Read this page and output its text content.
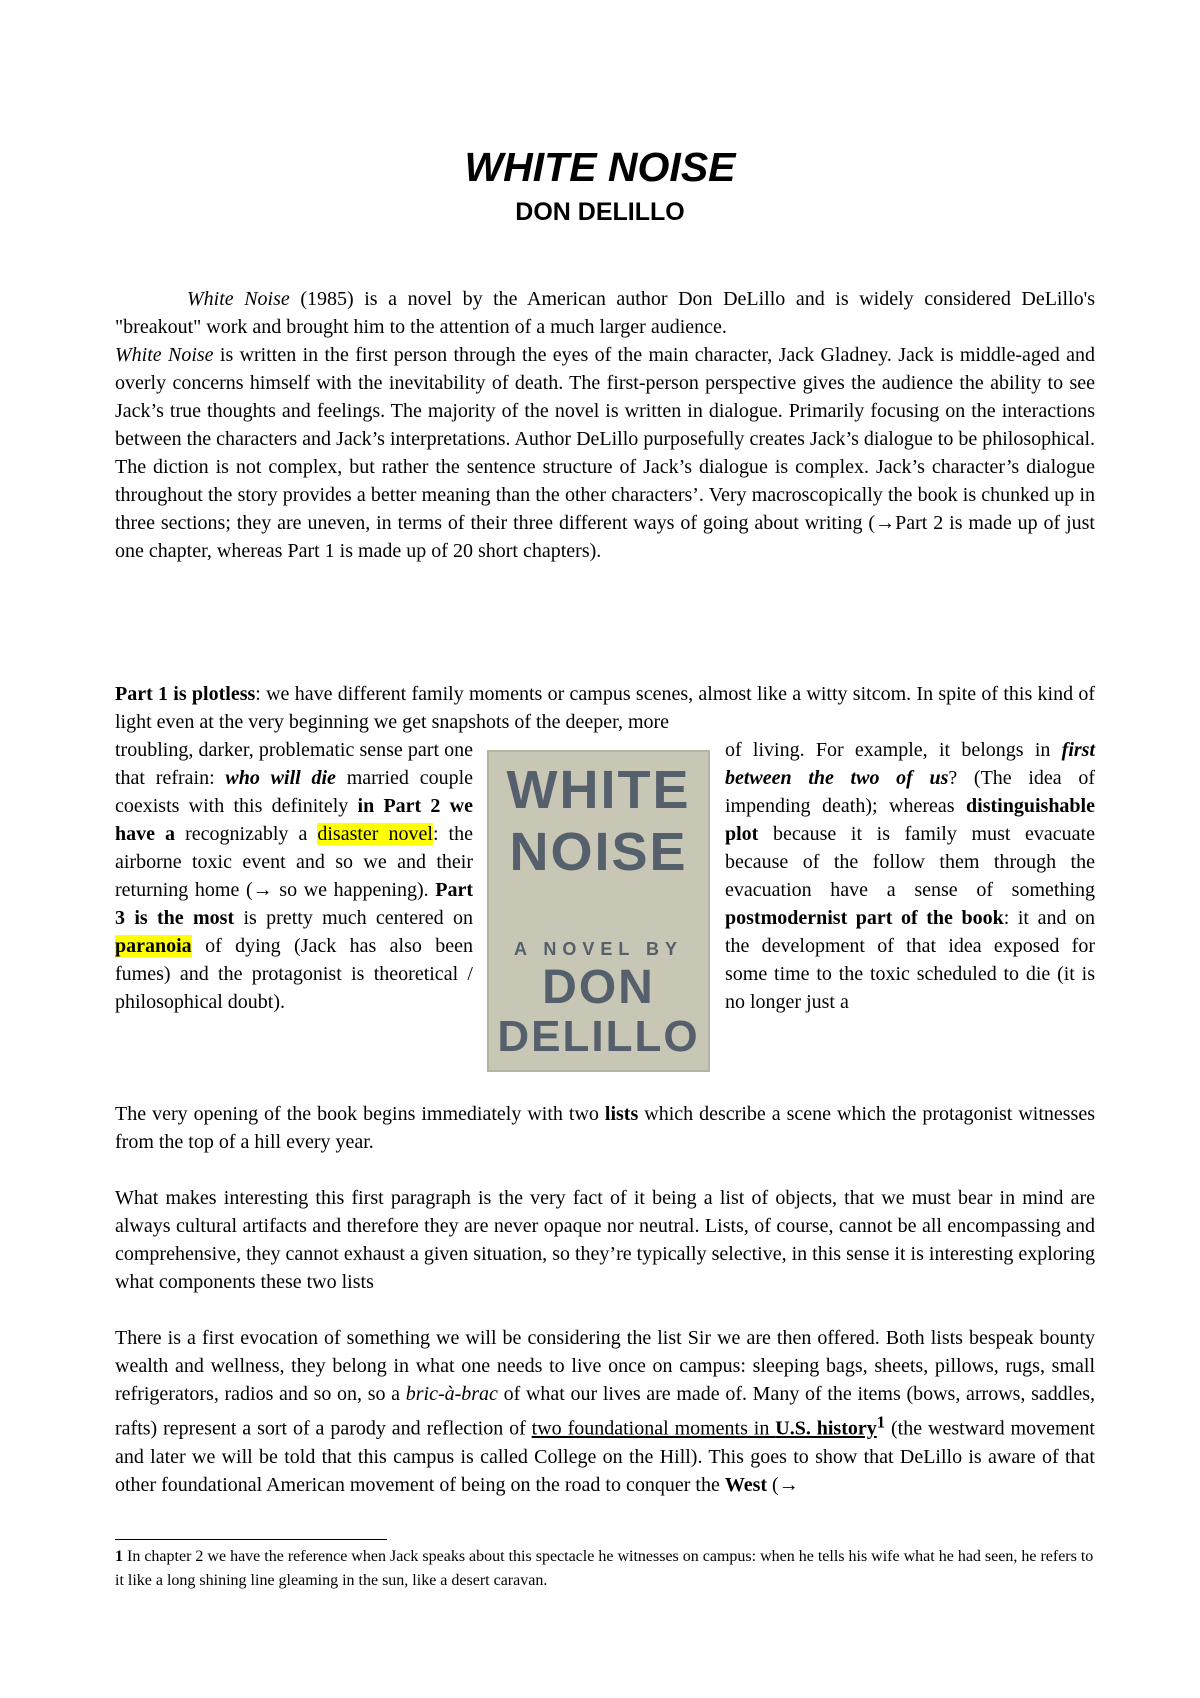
WHITE NOISE
DON DELILLO

White Noise (1985) is a novel by the American author Don DeLillo and is widely considered DeLillo's "breakout" work and brought him to the attention of a much larger audience.

White Noise is written in the first person through the eyes of the main character, Jack Gladney. Jack is middle-aged and overly concerns himself with the inevitability of death. The first-person perspective gives the audience the ability to see Jack’s true thoughts and feelings. The majority of the novel is written in dialogue. Primarily focusing on the interactions between the characters and Jack’s interpretations. Author DeLillo purposefully creates Jack’s dialogue to be philosophical. The diction is not complex, but rather the sentence structure of Jack’s dialogue is complex. Jack’s character’s dialogue throughout the story provides a better meaning than the other characters’. Very macroscopically the book is chunked up in three sections; they are uneven, in terms of their three different ways of going about writing (→Part 2 is made up of just one chapter, whereas Part 1 is made up of 20 short chapters).

Part 1 is plotless: we have different family moments or campus scenes, almost like a witty sitcom. In spite of this kind of light even at the very beginning we get snapshots of the deeper, more

troubling, darker, problematic sense part one that refrain: who will die married couple coexists with this definitely in Part 2 we have a recognizably a disaster novel: the airborne toxic event and so we and their returning home (→ so we happening). Part 3 is the most is pretty much centered on paranoia of dying (Jack has also been fumes) and the protagonist is theoretical / philosophical doubt).

WHITE
NOISE
A NOVEL BY
DON
DELILLO

of living. For example, it belongs in first between the two of us? (The idea of impending death); whereas distinguishable plot because it is family must evacuate because of the follow them through the evacuation have a sense of something postmodernist part of the book: it and on the development of that idea exposed for some time to the toxic scheduled to die (it is no longer just a

The very opening of the book begins immediately with two lists which describe a scene which the protagonist witnesses from the top of a hill every year.

What makes interesting this first paragraph is the very fact of it being a list of objects, that we must bear in mind are always cultural artifacts and therefore they are never opaque nor neutral. Lists, of course, cannot be all encompassing and comprehensive, they cannot exhaust a given situation, so they’re typically selective, in this sense it is interesting exploring what components these two lists

There is a first evocation of something we will be considering the list Sir we are then offered. Both lists bespeak bounty wealth and wellness, they belong in what one needs to live once on campus: sleeping bags, sheets, pillows, rugs, small refrigerators, radios and so on, so a bric-à-brac of what our lives are made of. Many of the items (bows, arrows, saddles, rafts) represent a sort of a parody and reflection of two foundational moments in U.S. history$^1$ (the westward movement and later we will be told that this campus is called College on the Hill). This goes to show that DeLillo is aware of that other foundational American movement of being on the road to conquer the West (→

1 In chapter 2 we have the reference when Jack speaks about this spectacle he witnesses on campus: when he tells his wife what he had seen, he refers to it like a long shining line gleaming in the sun, like a desert caravan.
